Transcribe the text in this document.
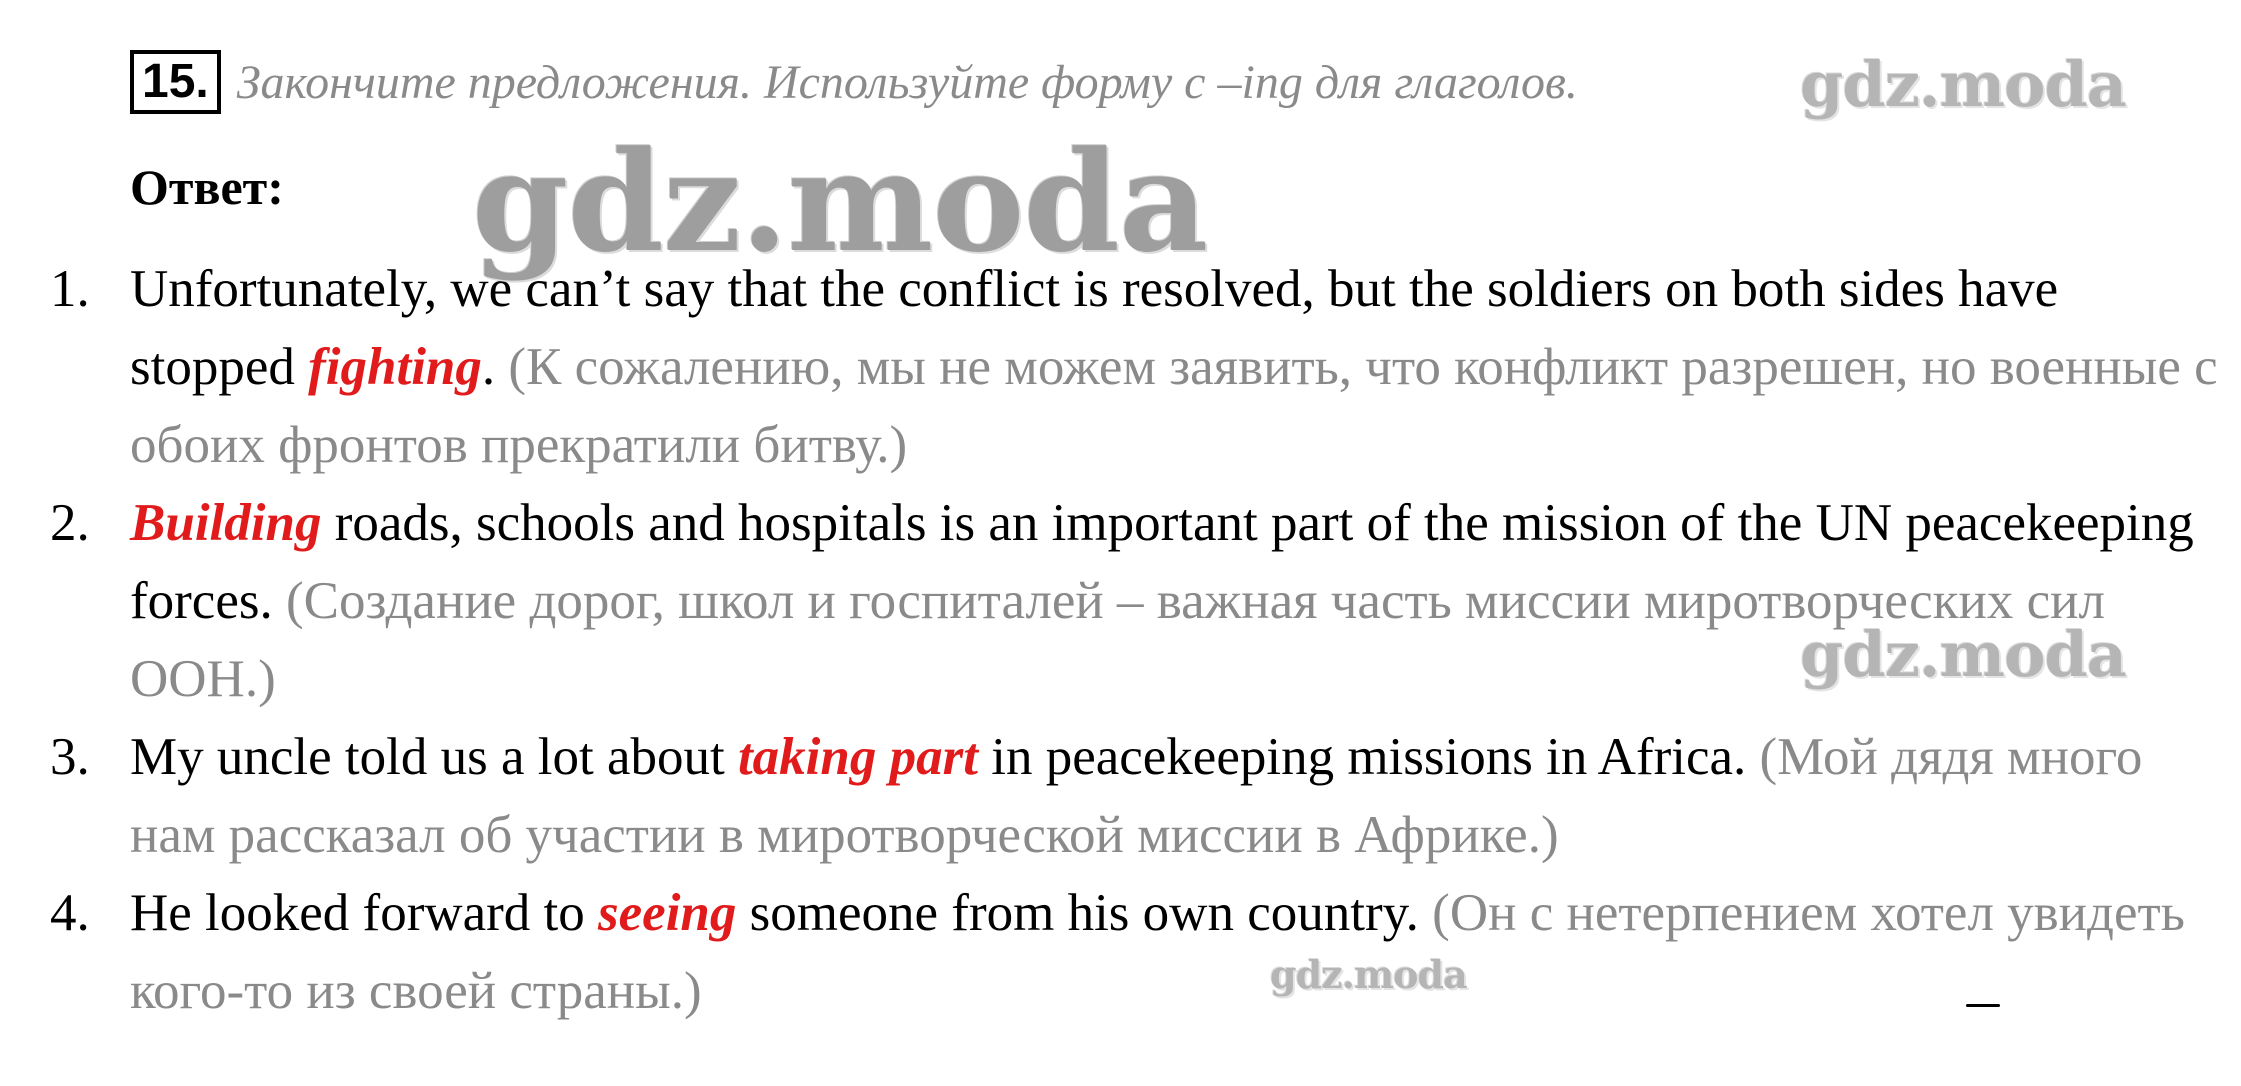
15. Закончите предложения. Используйте форму с –ing для глаголов.
Ответ:
1. Unfortunately, we can’t say that the conflict is resolved, but the soldiers on both sides have stopped fighting. (К сожалению, мы не можем заявить, что конфликт разрешен, но военные с обоих фронтов прекратили битву.)
2. Building roads, schools and hospitals is an important part of the mission of the UN peacekeeping forces. (Создание дорог, школ и госпиталей – важная часть миссии миротворческих сил ООН.)
3. My uncle told us a lot about taking part in peacekeeping missions in Africa. (Мой дядя много нам рассказал об участии в миротворческой миссии в Африке.)
4. He looked forward to seeing someone from his own country. (Он с нетерпением хотел увидеть кого-то из своей страны.)
gdz.moda
gdz.moda
gdz.moda
gdz.moda
